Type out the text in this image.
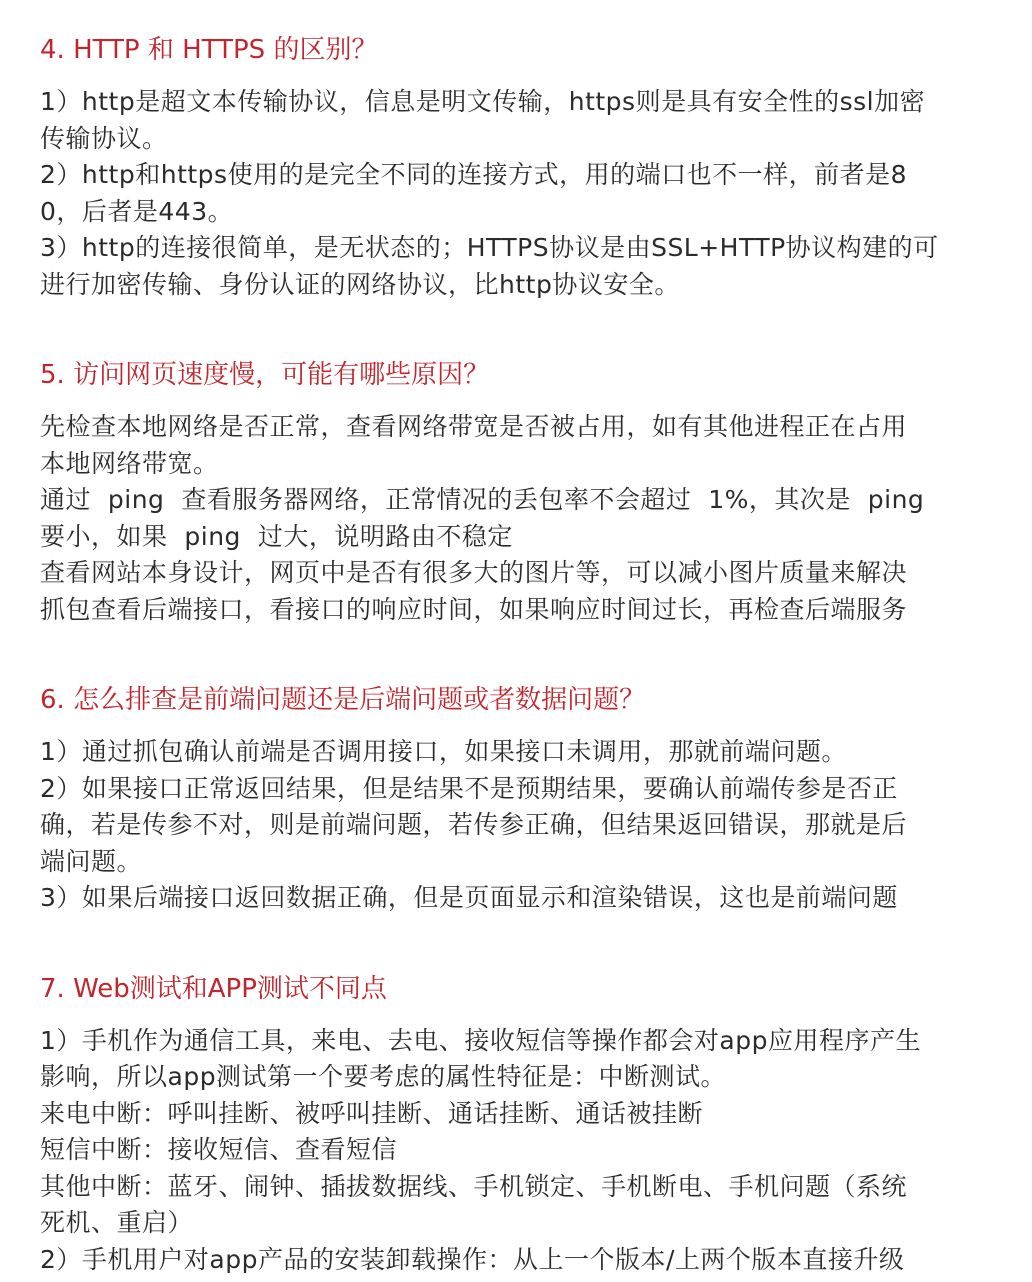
4. HTTP 和 HTTPS 的区别？

1）http是超文本传输协议，信息是明文传输，https则是具有安全性的ssl加密

传输协议。

2）http和https使用的是完全不同的连接方式，用的端口也不一样，前者是8

0，后者是443。

3）http的连接很简单，是无状态的；HTTPS协议是由SSL+HTTP协议构建的可

进行加密传输、身份认证的网络协议，比http协议安全。

5. 访问网页速度慢，可能有哪些原因？

先检查本地网络是否正常，查看网络带宽是否被占用，如有其他进程正在占用

本地网络带宽。

通过  ping  查看服务器网络，正常情况的丢包率不会超过  1%，其次是  ping

要小，如果  ping  过大，说明路由不稳定

查看网站本身设计，网页中是否有很多大的图片等，可以减小图片质量来解决

抓包查看后端接口，看接口的响应时间，如果响应时间过长，再检查后端服务

6. 怎么排查是前端问题还是后端问题或者数据问题？

1）通过抓包确认前端是否调用接口，如果接口未调用，那就前端问题。

2）如果接口正常返回结果，但是结果不是预期结果，要确认前端传参是否正

确，若是传参不对，则是前端问题，若传参正确，但结果返回错误，那就是后

端问题。

3）如果后端接口返回数据正确，但是页面显示和渲染错误，这也是前端问题

7. Web测试和APP测试不同点

1）手机作为通信工具，来电、去电、接收短信等操作都会对app应用程序产生

影响，所以app测试第一个要考虑的属性特征是：中断测试。

来电中断：呼叫挂断、被呼叫挂断、通话挂断、通话被挂断

短信中断：接收短信、查看短信

其他中断：蓝牙、闹钟、插拔数据线、手机锁定、手机断电、手机问题（系统

死机、重启）

2）手机用户对app产品的安装卸载操作：从上一个版本/上两个版本直接升级
